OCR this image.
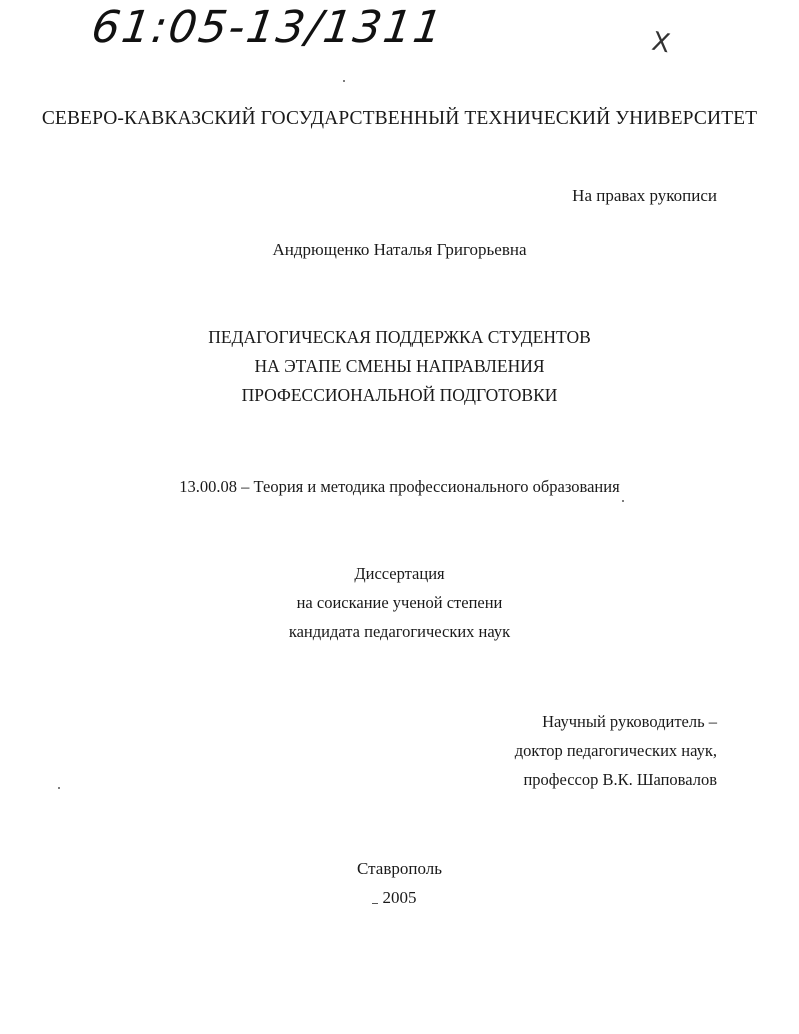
61:05-13/1311	X
СЕВЕРО-КАВКАЗСКИЙ ГОСУДАРСТВЕННЫЙ ТЕХНИЧЕСКИЙ УНИВЕРСИТЕТ
На правах рукописи
Андрющенко Наталья Григорьевна
ПЕДАГОГИЧЕСКАЯ ПОДДЕРЖКА СТУДЕНТОВ
НА ЭТАПЕ СМЕНЫ НАПРАВЛЕНИЯ
ПРОФЕССИОНАЛЬНОЙ ПОДГОТОВКИ
13.00.08 – Теория и методика профессионального образования
Диссертация
на соискание ученой степени
кандидата педагогических наук
Научный руководитель –
доктор педагогических наук,
профессор В.К. Шаповалов
Ставрополь
2005
